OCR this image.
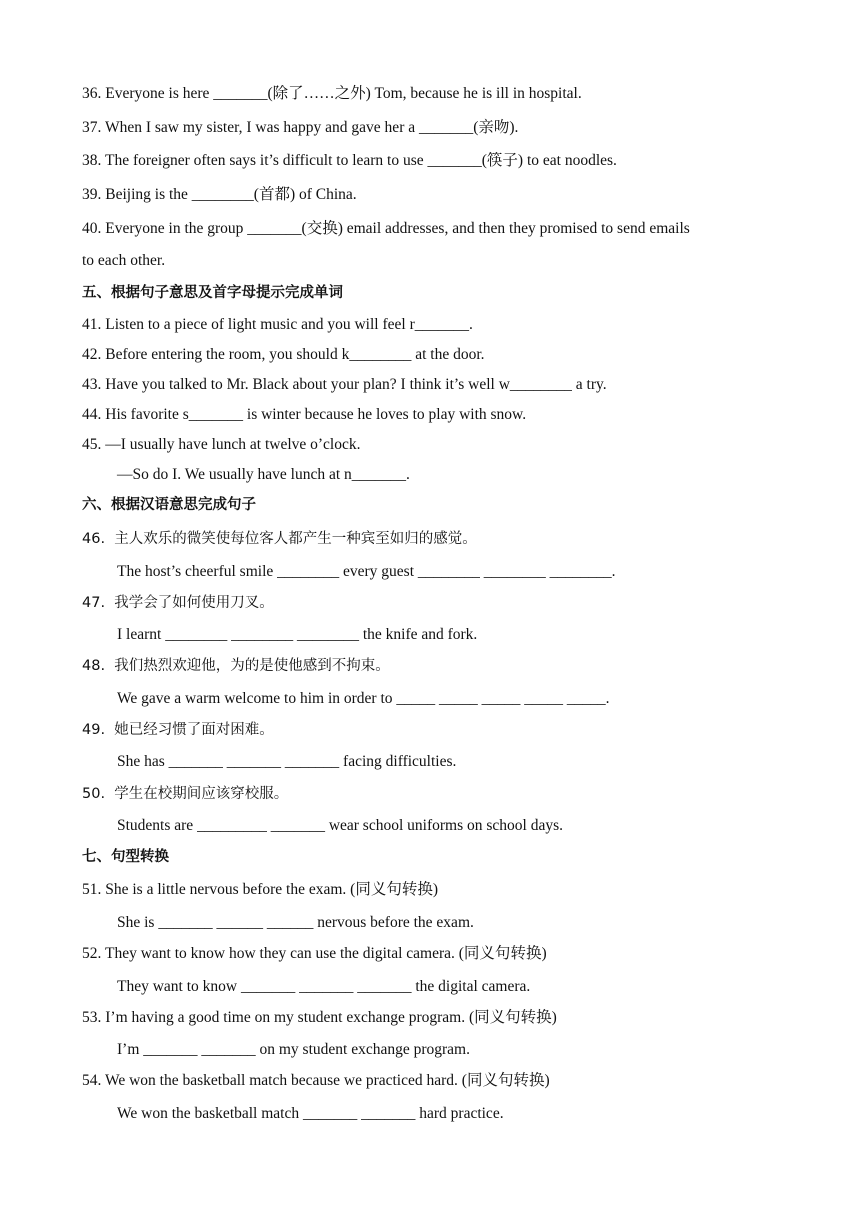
36. Everyone is here _______(除了……之外) Tom, because he is ill in hospital.
37. When I saw my sister, I was happy and gave her a _______(亲吻).
38. The foreigner often says it’s difficult to learn to use _______(筷子) to eat noodles.
39. Beijing is the ________(首都) of China.
40. Everyone in the group _______(交换) email addresses, and then they promised to send emails
to each other.
五、根据句子意思及首字母提示完成单词
41. Listen to a piece of light music and you will feel r_______.
42. Before entering the room, you should k________ at the door.
43. Have you talked to Mr. Black about your plan? I think it’s well w________ a try.
44. His favorite s_______ is winter because he loves to play with snow.
45. —I usually have lunch at twelve o’clock.
—So do I. We usually have lunch at n_______.
六、根据汉语意思完成句子
46.  主人欢乐的微笑使每位客人都产生一种宾至如归的感觉。
The host’s cheerful smile ________ every guest ________ ________ ________.
47.  我学会了如何使用刀叉。
I learnt ________ ________ ________ the knife and fork.
48.  我们热烈欢迎他，为的是使他感到不拘束。
We gave a warm welcome to him in order to _____ _____ _____ _____ _____.
49.  她已经习惯了面对困难。
She has _______ _______ _______ facing difficulties.
50.  学生在校期间应该穿校服。
Students are _________ _______ wear school uniforms on school days.
七、句型转换
51. She is a little nervous before the exam. (同义句转换)
She is _______ ______ ______ nervous before the exam.
52. They want to know how they can use the digital camera. (同义句转换)
They want to know _______ _______ _______ the digital camera.
53. I’m having a good time on my student exchange program. (同义句转换)
I’m _______ _______ on my student exchange program.
54. We won the basketball match because we practiced hard. (同义句转换)
We won the basketball match _______ _______ hard practice.
